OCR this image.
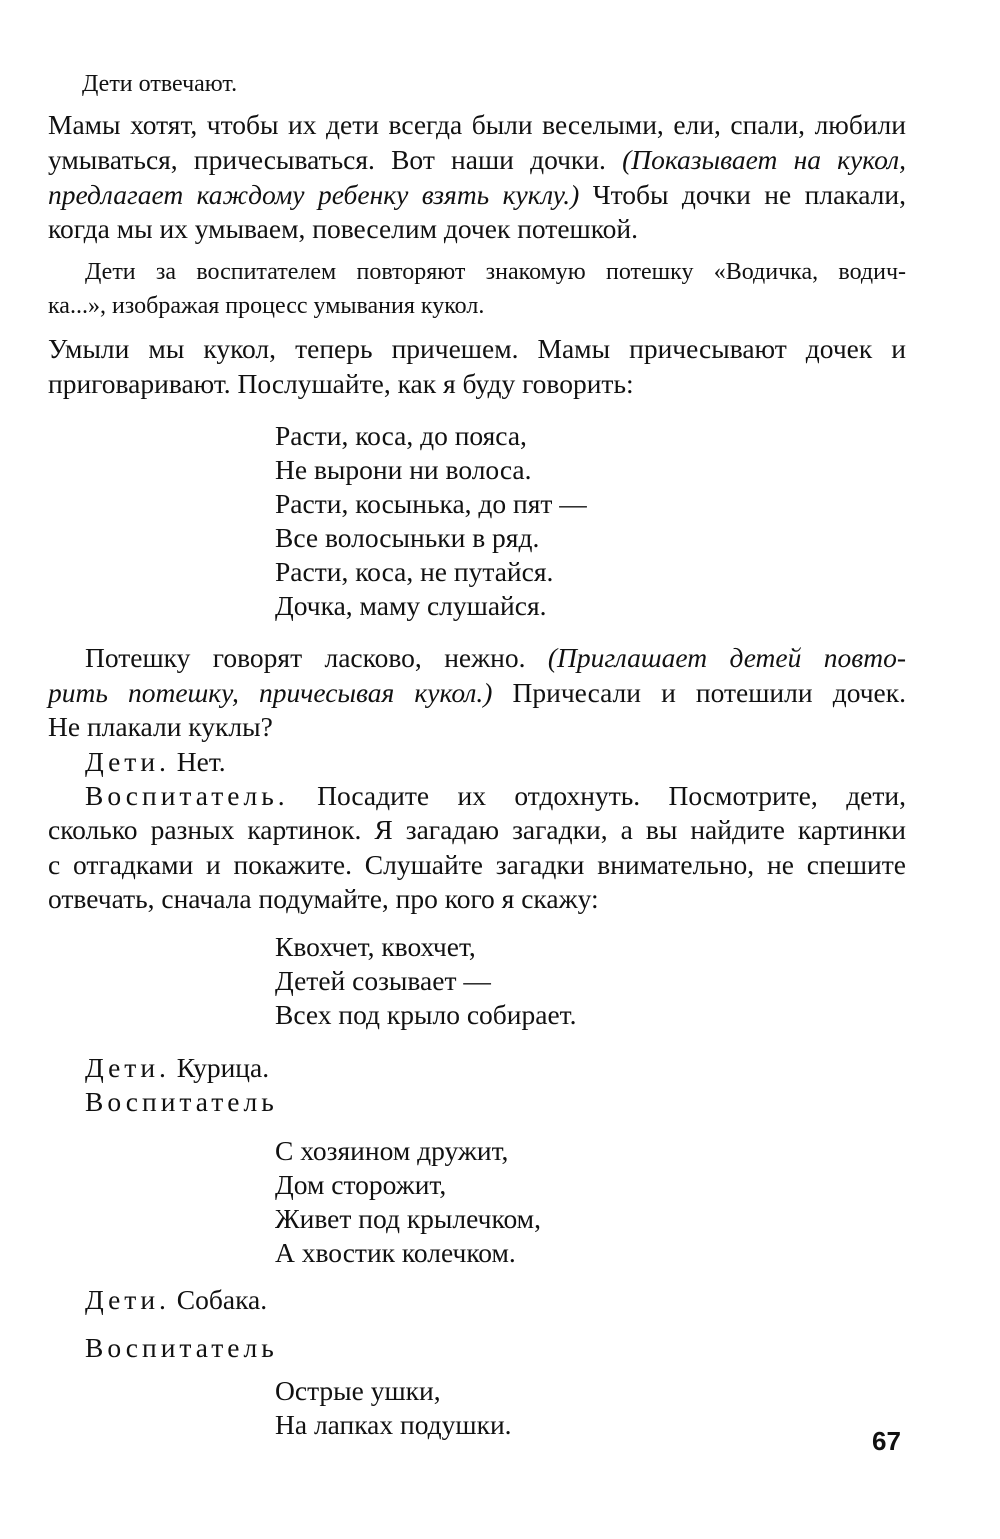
Дети отвечают.
Мамы хотят, чтобы их дети всегда были веселыми, ели, спали, любили
умываться, причесываться. Вот наши дочки. (Показывает на кукол,
предлагает каждому ребенку взять куклу.) Чтобы дочки не плакали,
когда мы их умываем, повеселим дочек потешкой.
Дети за воспитателем повторяют знакомую потешку «Водичка, водич-
ка...», изображая процесс умывания кукол.
Умыли мы кукол, теперь причешем. Мамы причесывают дочек и
приговаривают. Послушайте, как я буду говорить:
Расти, коса, до пояса,
Не вырони ни волоса.
Расти, косынька, до пят —
Все волосыньки в ряд.
Расти, коса, не путайся.
Дочка, маму слушайся.
Потешку говорят ласково, нежно. (Приглашает детей повто-
рить потешку, причесывая кукол.) Причесали и потешили дочек.
Не плакали куклы?
Дети. Нет.
Воспитатель. Посадите их отдохнуть. Посмотрите, дети,
сколько разных картинок. Я загадаю загадки, а вы найдите картинки
с отгадками и покажите. Слушайте загадки внимательно, не спешите
отвечать, сначала подумайте, про кого я скажу:
Квохчет, квохчет,
Детей созывает —
Всех под крыло собирает.
Дети. Курица.
Воспитатель
С хозяином дружит,
Дом сторожит,
Живет под крылечком,
А хвостик колечком.
Дети. Собака.
Воспитатель
Острые ушки,
На лапках подушки.
67
